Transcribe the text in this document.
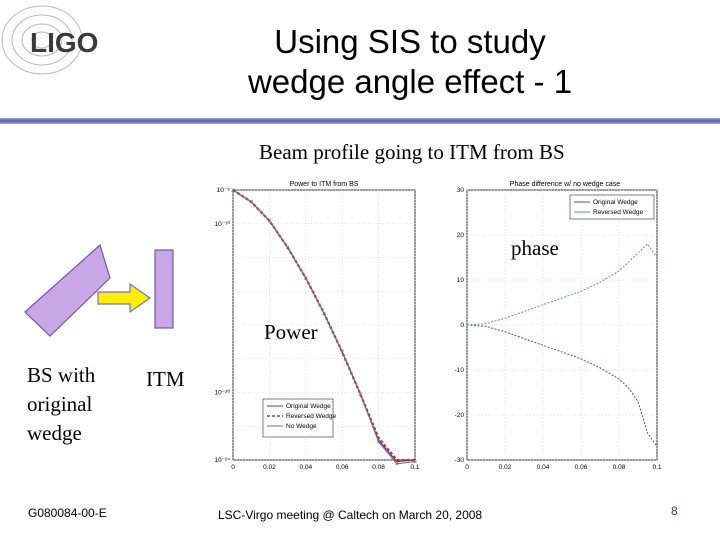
LIGO	Using SIS to study
wedge angle effect - 1
Beam profile going to ITM from BS
Power to ITM from BS
0	0.02	0.04	0.06	0.08	0.1
10⁻⁸
10⁻¹⁰
10⁻²⁰
10⁻²⁴
Original Wedge
Reversed Wedge
No Wedge
Phase difference w/ no wedge case
0	0.02	0.04	0.06	0.08	0.1
30
20
10
0
-10
-20
-30
Original Wedge
Reversed Wedge
phase
Power
BS with
original
wedge
ITM
G080084-00-E	LSC-Virgo meeting @ Caltech on March 20, 2008	8
